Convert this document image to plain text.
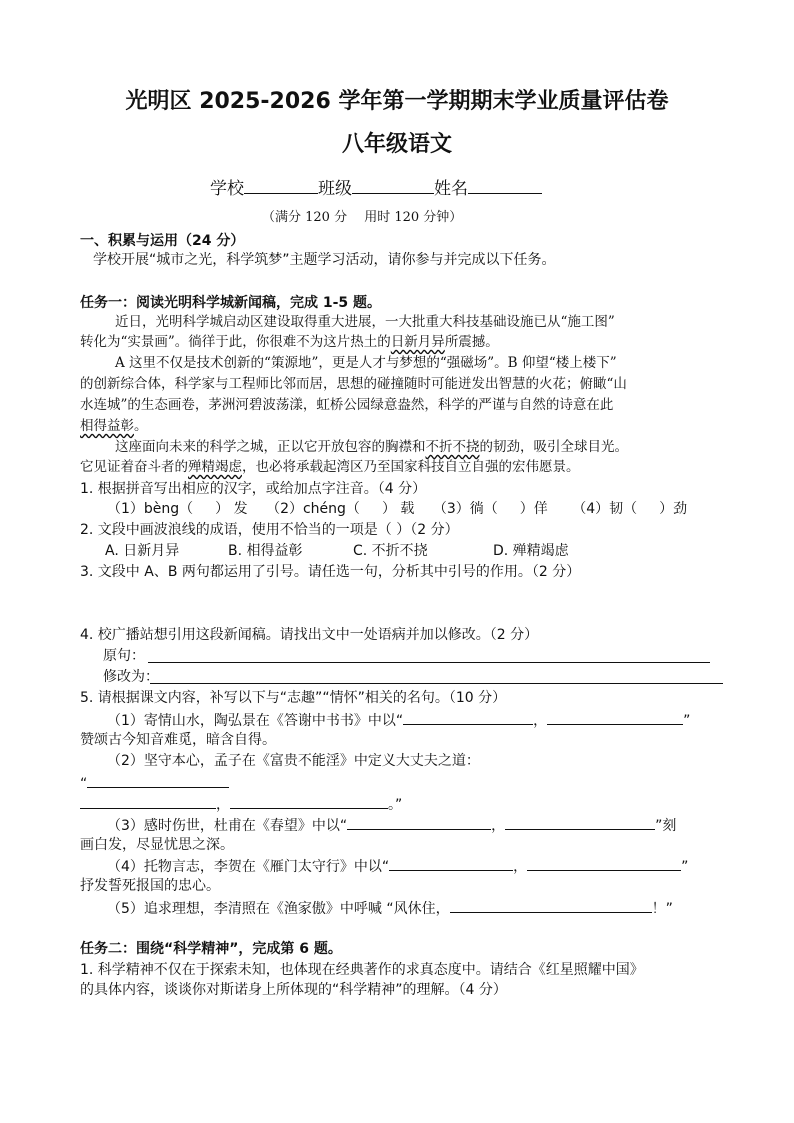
光明区 2025-2026 学年第一学期期末学业质量评估卷
八年级语文
学校	班级	姓名
（满分 120 分　 用时 120 分钟）
一、积累与运用（24 分）
学校开展“城市之光，科学筑梦”主题学习活动，请你参与并完成以下任务。
任务一：阅读光明科学城新闻稿，完成 1-5 题。
近日，光明科学城启动区建设取得重大进展，一大批重大科技基础设施已从“施工图”
转化为“实景画”。徜徉于此，你很难不为这片热土的日新月异所震撼。
A 这里不仅是技术创新的“策源地”，更是人才与梦想的“强磁场”。B 仰望“楼上楼下”
的创新综合体，科学家与工程师比邻而居，思想的碰撞随时可能迸发出智慧的火花；俯瞰“山
水连城”的生态画卷，茅洲河碧波荡漾，虹桥公园绿意盎然，科学的严谨与自然的诗意在此
相得益彰。
这座面向未来的科学之城，正以它开放包容的胸襟和不折不挠的韧劲，吸引全球目光。
它见证着奋斗者的殚精竭虑，也必将承载起湾区乃至国家科技自立自强的宏伟愿景。
1. 根据拼音写出相应的汉字，或给加点字注音。（4 分）
（1）bèng（ ） 发 （2）chéng（ ） 载 （3）徜（ ）佯 （4）韧（ ）劲
2. 文段中画波浪线的成语，使用不恰当的一项是（ ）（2 分）
A. 日新月异	B. 相得益彰	C. 不折不挠	D. 殚精竭虑
3. 文段中 A、B 两句都运用了引号。请任选一句，分析其中引号的作用。（2 分）
4. 校广播站想引用这段新闻稿。请找出文中一处语病并加以修改。（2 分）
原句：
修改为：
5. 请根据课文内容，补写以下与“志趣”“情怀”相关的名句。（10 分）
（1）寄情山水，陶弘景在《答谢中书书》中以“	，	”
赞颂古今知音难觅，暗含自得。
（2）坚守本心，孟子在《富贵不能淫》中定义大丈夫之道：
“
，	。”
（3）感时伤世，杜甫在《春望》中以“	，	”刻
画白发，尽显忧思之深。
（4）托物言志，李贺在《雁门太守行》中以“	，	”
抒发誓死报国的忠心。
（5）追求理想，李清照在《渔家傲》中呼喊 “风休住，	！”
任务二：围绕“科学精神”，完成第 6 题。
1. 科学精神不仅在于探索未知，也体现在经典著作的求真态度中。请结合《红星照耀中国》
的具体内容，谈谈你对斯诺身上所体现的“科学精神”的理解。（4 分）
